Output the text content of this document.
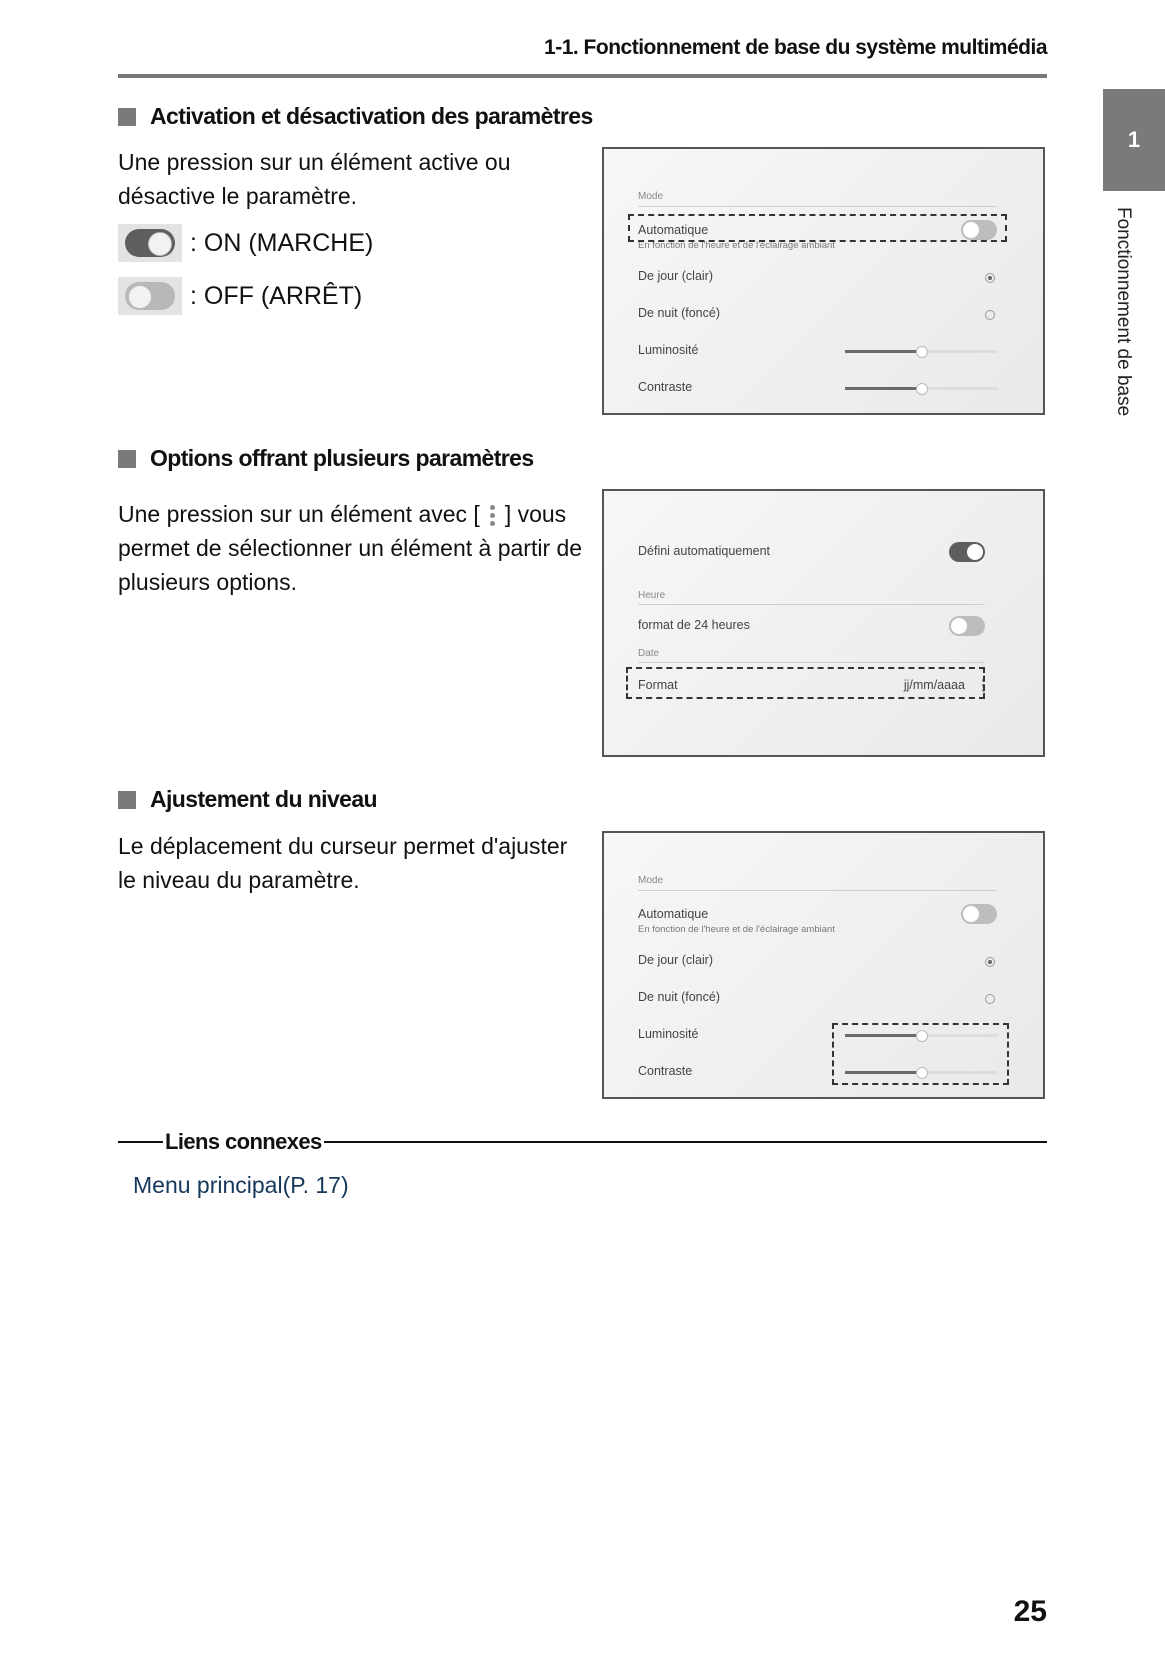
1-1. Fonctionnement de base du système multimédia
1
Fonctionnement de base
Activation et désactivation des paramètres
Une pression sur un élément active ou désactive le paramètre.
: ON (MARCHE)
: OFF (ARRÊT)
Mode
Automatique
En fonction de l'heure et de l'éclairage ambiant
De jour (clair)
De nuit (foncé)
Luminosité
Contraste
Options offrant plusieurs paramètres
Une pression sur un élément avec [ ] vous permet de sélectionner un élément à partir de plusieurs options.
Défini automatiquement
Heure
format de 24 heures
Date
Format	jj/mm/aaaa
Ajustement du niveau
Le déplacement du curseur permet d'ajuster le niveau du paramètre.	Mode
Automatique
En fonction de l'heure et de l'éclairage ambiant
De jour (clair)
De nuit (foncé)
Luminosité
Contraste
Liens connexes
Menu principal(P. 17)
25
